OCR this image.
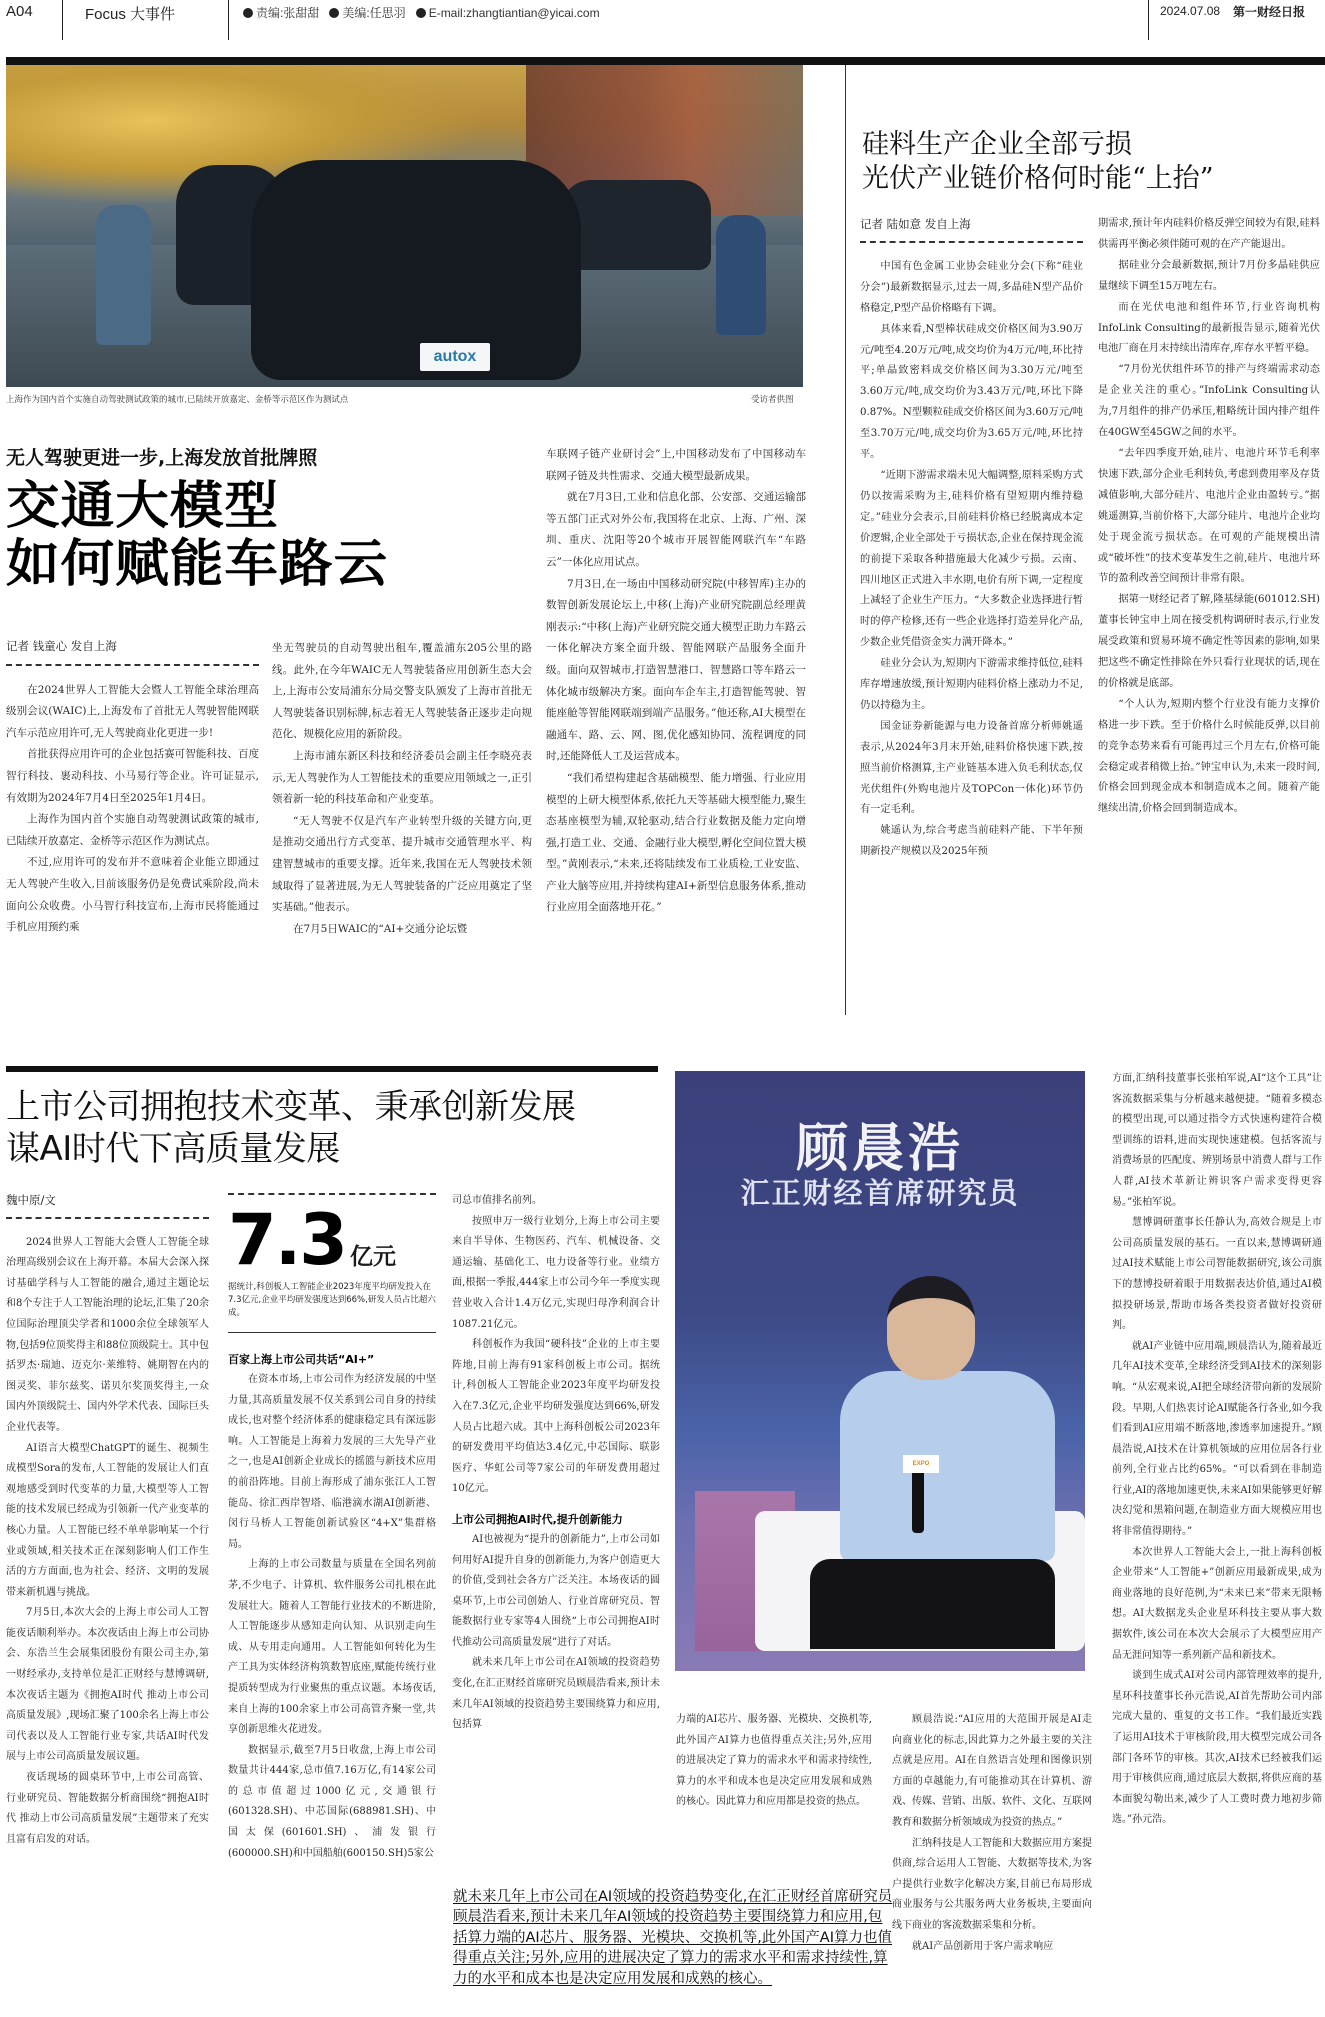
A04	Focus 大事件	责编:张甜甜 美编:任思羽 E-mail:zhangtiantian@yicai.com	2024.07.08 第一财经日报
autox
上海作为国内首个实施自动驾驶测试政策的城市,已陆续开放嘉定、金桥等示范区作为测试点	受访者供图
无人驾驶更进一步,上海发放首批牌照
交通大模型
如何赋能车路云
记者 钱童心 发自上海

在2024世界人工智能大会暨人工智能全球治理高级别会议(WAIC)上,上海发布了首批无人驾驶智能网联汽车示范应用许可,无人驾驶商业化更进一步!

首批获得应用许可的企业包括赛可智能科技、百度智行科技、裹动科技、小马易行等企业。许可证显示,有效期为2024年7月4日至2025年1月4日。

上海作为国内首个实施自动驾驶测试政策的城市,已陆续开放嘉定、金桥等示范区作为测试点。

不过,应用许可的发布并不意味着企业能立即通过无人驾驶产生收入,目前该服务仍是免费试乘阶段,尚未面向公众收费。小马智行科技宣布,上海市民将能通过手机应用预约乘

坐无驾驶员的自动驾驶出租车,覆盖浦东205公里的路线。此外,在今年WAIC无人驾驶装备应用创新生态大会上,上海市公安局浦东分局交警支队颁发了上海市首批无人驾驶装备识别标牌,标志着无人驾驶装备正逐步走向规范化、规模化应用的新阶段。

上海市浦东新区科技和经济委员会副主任李晓亮表示,无人驾驶作为人工智能技术的重要应用领域之一,正引领着新一轮的科技革命和产业变革。

“无人驾驶不仅是汽车产业转型升级的关键方向,更是推动交通出行方式变革、提升城市交通管理水平、构建智慧城市的重要支撑。近年来,我国在无人驾驶技术领域取得了显著进展,为无人驾驶装备的广泛应用奠定了坚实基础。”他表示。

在7月5日WAIC的“AI+交通分论坛暨

车联网子链产业研讨会”上,中国移动发布了中国移动车联网子链及共性需求、交通大模型最新成果。

就在7月3日,工业和信息化部、公安部、交通运输部等五部门正式对外公布,我国将在北京、上海、广州、深圳、重庆、沈阳等20个城市开展智能网联汽车“车路云”一体化应用试点。

7月3日,在一场由中国移动研究院(中移智库)主办的数智创新发展论坛上,中移(上海)产业研究院副总经理黄刚表示:“中移(上海)产业研究院交通大模型正助力车路云一体化解决方案全面升级、智能网联产品服务全面升级。面向双智城市,打造智慧港口、智慧路口等车路云一体化城市级解决方案。面向车企车主,打造智能驾驶、智能座舱等智能网联端到端产品服务。”他还称,AI大模型在融通车、路、云、网、图,优化感知协同、流程调度的同时,还能降低人工及运营成本。

“我们希望构建起含基础模型、能力增强、行业应用模型的上研大模型体系,依托九天等基础大模型能力,聚生态基座模型为辅,双轮驱动,结合行业数据及能力定向增强,打造工业、交通、金融行业大模型,孵化空间位置大模型。”黄刚表示,“未来,还将陆续发布工业质检,工业安监、产业大脑等应用,并持续构建AI+新型信息服务体系,推动行业应用全面落地开花。”

硅料生产企业全部亏损
光伏产业链价格何时能“上抬”
记者 陆如意 发自上海

中国有色金属工业协会硅业分会(下称“硅业分会”)最新数据显示,过去一周,多晶硅N型产品价格稳定,P型产品价格略有下调。

具体来看,N型棒状硅成交价格区间为3.90万元/吨至4.20万元/吨,成交均价为4万元/吨,环比持平;单晶致密料成交价格区间为3.30万元/吨至3.60万元/吨,成交均价为3.43万元/吨,环比下降0.87%。N型颗粒硅成交价格区间为3.60万元/吨至3.70万元/吨,成交均价为3.65万元/吨,环比持平。

“近期下游需求端未见大幅调整,原料采购方式仍以按需采购为主,硅料价格有望短期内维持稳定。”硅业分会表示,目前硅料价格已经脱离成本定价逻辑,企业全部处于亏损状态,企业在保持现金流的前提下采取各种措施最大化减少亏损。云南、四川地区正式进入丰水期,电价有所下调,一定程度上减轻了企业生产压力。“大多数企业选择进行暂时的停产检修,还有一些企业选择打造差异化产品,少数企业凭借资金实力满开降本。”

硅业分会认为,短期内下游需求维持低位,硅料库存增速放缓,预计短期内硅料价格上涨动力不足,仍以持稳为主。

国金证券新能源与电力设备首席分析师姚遥表示,从2024年3月末开始,硅料价格快速下跌,按照当前价格测算,主产业链基本进入负毛利状态,仅光伏组件(外购电池片及TOPCon一体化)环节仍有一定毛利。

姚遥认为,综合考虑当前硅料产能、下半年预期新投产规模以及2025年预

期需求,预计年内硅料价格反弹空间较为有限,硅料供需再平衡必须伴随可观的在产产能退出。

据硅业分会最新数据,预计7月份多晶硅供应量继续下调至15万吨左右。

而在光伏电池和组件环节,行业咨询机构InfoLink Consulting的最新报告显示,随着光伏电池厂商在月末持续出清库存,库存水平暂平稳。

“7月份光伏组件环节的排产与终端需求动态是企业关注的重心。”InfoLink Consulting认为,7月组件的排产仍承压,粗略统计国内排产组件在40GW至45GW之间的水平。

“去年四季度开始,硅片、电池片环节毛利率快速下跌,部分企业毛利转负,考虑到费用率及存货减值影响,大部分硅片、电池片企业由盈转亏。”据姚遥测算,当前价格下,大部分硅片、电池片企业均处于现金流亏损状态。在可观的产能规模出清或“破坏性”的技术变革发生之前,硅片、电池片环节的盈利改善空间预计非常有限。

据第一财经记者了解,隆基绿能(601012.SH)董事长钟宝申上周在接受机构调研时表示,行业发展受政策和贸易环境不确定性等因素的影响,如果把这些不确定性排除在外只看行业现状的话,现在的价格就是底部。

“个人认为,短期内整个行业没有能力支撑价格进一步下跌。至于价格什么时候能反弹,以目前的竞争态势来看有可能再过三个月左右,价格可能会稳定或者稍微上抬。”钟宝申认为,未来一段时间,价格会回到现金成本和制造成本之间。随着产能继续出清,价格会回到制造成本。

上市公司拥抱技术变革、秉承创新发展
谋AI时代下高质量发展
魏中原/文

2024世界人工智能大会暨人工智能全球治理高级别会议在上海开幕。本届大会深入探讨基础学科与人工智能的融合,通过主题论坛和8个专注于人工智能治理的论坛,汇集了20余位国际治理顶尖学者和1000余位全球领军人物,包括9位顶奖得主和88位顶级院士。其中包括罗杰·瑞迪、迈克尔·莱维特、姚期智在内的图灵奖、菲尔兹奖、诺贝尔奖顶奖得主,一众国内外顶级院士、国内外学术代表、国际巨头企业代表等。

AI语言大模型ChatGPT的诞生、视频生成模型Sora的发布,人工智能的发展让人们直观地感受到时代变革的力量,大模型等人工智能的技术发展已经成为引领新一代产业变革的核心力量。人工智能已经不单单影响某一个行业或领域,相关技术正在深刻影响人们工作生活的方方面面,也为社会、经济、文明的发展带来新机遇与挑战。

7月5日,本次大会的上海上市公司人工智能夜话顺利举办。本次夜话由上海上市公司协会、东浩兰生会展集团股份有限公司主办,第一财经承办,支持单位是汇正财经与慧博调研,本次夜话主题为《拥抱AI时代 推动上市公司高质量发展》,现场汇聚了100余名上海上市公司代表以及人工智能行业专家,共话AI时代发展与上市公司高质量发展议题。

夜话现场的圆桌环节中,上市公司高管、行业研究员、智能数据分析商围绕“拥抱AI时代 推动上市公司高质量发展”主题带来了充实且富有启发的对话。

7.3 亿元
据统计,科创板人工智能企业2023年度平均研发投入在7.3亿元,企业平均研发强度达到66%,研发人员占比超六成。
百家上海上市公司共话“AI+”

在资本市场,上市公司作为经济发展的中坚力量,其高质量发展不仅关系到公司自身的持续成长,也对整个经济体系的健康稳定具有深远影响。人工智能是上海着力发展的三大先导产业之一,也是AI创新企业成长的摇篮与新技术应用的前沿阵地。目前上海形成了浦东张江人工智能岛、徐汇西岸智塔、临港滴水湖AI创新港、闵行马桥人工智能创新试验区“4+X”集群格局。

上海的上市公司数量与质量在全国名列前茅,不少电子、计算机、软件服务公司扎根在此发展壮大。随着人工智能行业技术的不断进阶,人工智能逐步从感知走向认知、从识别走向生成、从专用走向通用。人工智能如何转化为生产工具为实体经济构筑数智底座,赋能传统行业提质转型成为行业聚焦的重点议题。本场夜话,来自上海的100余家上市公司高管齐聚一堂,共享创新思维火花迸发。

数据显示,截至7月5日收盘,上海上市公司数量共计444家,总市值7.16万亿,有14家公司的总市值超过1000亿元,交通银行(601328.SH)、中芯国际(688981.SH)、中国太保(601601.SH)、浦发银行(600000.SH)和中国船舶(600150.SH)5家公

司总市值排名前列。

按照申万一级行业划分,上海上市公司主要来自半导体、生物医药、汽车、机械设备、交通运输、基础化工、电力设备等行业。业绩方面,根据一季报,444家上市公司今年一季度实现营业收入合计1.4万亿元,实现归母净利润合计1087.21亿元。

科创板作为我国“硬科技”企业的上市主要阵地,目前上海有91家科创板上市公司。据统计,科创板人工智能企业2023年度平均研发投入在7.3亿元,企业平均研发强度达到66%,研发人员占比超六成。其中上海科创板公司2023年的研发费用平均值达3.4亿元,中芯国际、联影医疗、华虹公司等7家公司的年研发费用超过10亿元。

上市公司拥抱AI时代,提升创新能力

AI也被视为“提升的创新能力”,上市公司如何用好AI提升自身的创新能力,为客户创造更大的价值,受到社会各方广泛关注。本场夜话的圆桌环节,上市公司创始人、行业首席研究员、智能数据行业专家等4人围绕“上市公司拥抱AI时代推动公司高质量发展”进行了对话。

就未来几年上市公司在AI领域的投资趋势变化,在汇正财经首席研究员顾晨浩看来,预计未来几年AI领域的投资趋势主要围绕算力和应用,包括算

顾晨浩
汇正财经首席研究员
EXPO

力端的AI芯片、服务器、光模块、交换机等,此外国产AI算力也值得重点关注;另外,应用的进展决定了算力的需求水平和需求持续性,算力的水平和成本也是决定应用发展和成熟的核心。因此算力和应用都是投资的热点。

顾晨浩说:“AI应用的大范围开展是AI走向商业化的标志,因此算力之外最主要的关注点就是应用。AI在自然语言处理和图像识别方面的卓越能力,有可能推动其在计算机、游戏、传媒、营销、出版、软件、文化、互联网教育和数据分析领域成为投资的热点。”

汇纳科技是人工智能和大数据应用方案提供商,综合运用人工智能、大数据等技术,为客户提供行业数字化解决方案,目前已布局形成商业服务与公共服务两大业务板块,主要面向线下商业的客流数据采集和分析。

就AI产品创新用于客户需求响应

方面,汇纳科技董事长张柏军说,AI“这个工具”让客流数据采集与分析越来越便捷。“随着多模态的模型出现,可以通过指令方式快速构建符合模型训练的语料,进而实现快速建模。包括客流与消费场景的匹配度、辨别场景中消费人群与工作人群,AI技术革新让辨识客户需求变得更容易。”张柏军说。

慧博调研董事长任静认为,高效合规是上市公司高质量发展的基石。一直以来,慧博调研通过AI技术赋能上市公司智能数据研究,该公司旗下的慧博投研着眼于用数据表达价值,通过AI模拟投研场景,帮助市场各类投资者做好投资研判。

就AI产业链中应用端,顾晨浩认为,随着最近几年AI技术变革,全球经济受到AI技术的深刻影响。“从宏观来说,AI把全球经济带向新的发展阶段。早期,人们热衷讨论AI赋能各行各业,如今我们看到AI应用端不断落地,渗透率加速提升。”顾晨浩说,AI技术在计算机领域的应用位居各行业前列,全行业占比约65%。“可以看到在非制造行业,AI的落地加速更快,未来AI如果能够更好解决幻觉和黑箱问题,在制造业方面大规模应用也将非常值得期待。”

本次世界人工智能大会上,一批上海科创板企业带来“人工智能+”创新应用最新成果,成为商业落地的良好范例,为“未来已来”带来无限畅想。AI大数据龙头企业星环科技主要从事大数据软件,该公司在本次大会展示了大模型应用产品无涯问知等一系列新产品和新技术。

谈到生成式AI对公司内部管理效率的提升,星环科技董事长孙元浩说,AI首先帮助公司内部完成大量的、重复的文书工作。“我们最近实践了运用AI技术于审核阶段,用大模型完成公司各部门各环节的审核。其次,AI技术已经被我们运用于审核供应商,通过底层大数据,将供应商的基本面貌勾勒出来,减少了人工费时费力地初步筛选。”孙元浩。

就未来几年上市公司在AI领域的投资趋势变化,在汇正财经首席研究员顾晨浩看来,预计未来几年AI领域的投资趋势主要围绕算力和应用,包括算力端的AI芯片、服务器、光模块、交换机等,此外国产AI算力也值得重点关注;另外,应用的进展决定了算力的需求水平和需求持续性,算力的水平和成本也是决定应用发展和成熟的核心。
